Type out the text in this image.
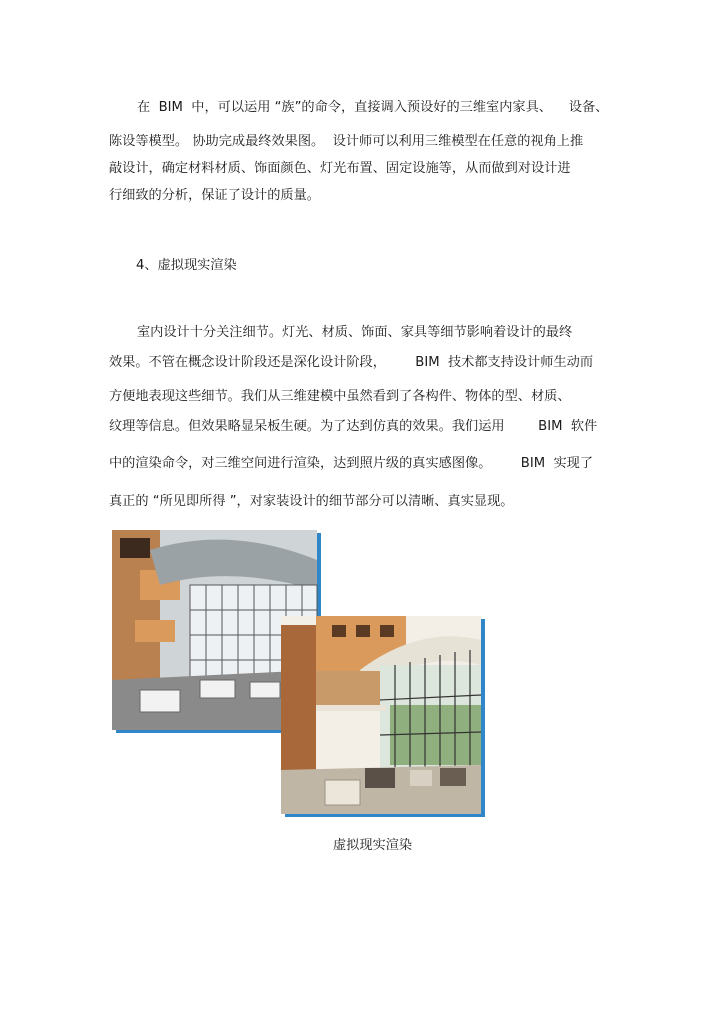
在  BIM  中，可以运用 “族”的命令，直接调入预设好的三维室内家具、    设备、
陈设等模型。 协助完成最终效果图。  设计师可以利用三维模型在任意的视角上推
敲设计，确定材料材质、饰面颜色、灯光布置、固定设施等，从而做到对设计进
行细致的分析，保证了设计的质量。
4、虚拟现实渲染
室内设计十分关注细节。灯光、材质、饰面、家具等细节影响着设计的最终
效果。不管在概念设计阶段还是深化设计阶段，       BIM  技术都支持设计师生动而
方便地表现这些细节。我们从三维建模中虽然看到了各构件、物体的型、材质、
纹理等信息。但效果略显呆板生硬。为了达到仿真的效果。我们运用        BIM  软件
中的渲染命令，对三维空间进行渲染，达到照片级的真实感图像。       BIM  实现了
真正的 “所见即所得 ”，对家装设计的细节部分可以清晰、真实显现。
虚拟现实渲染
